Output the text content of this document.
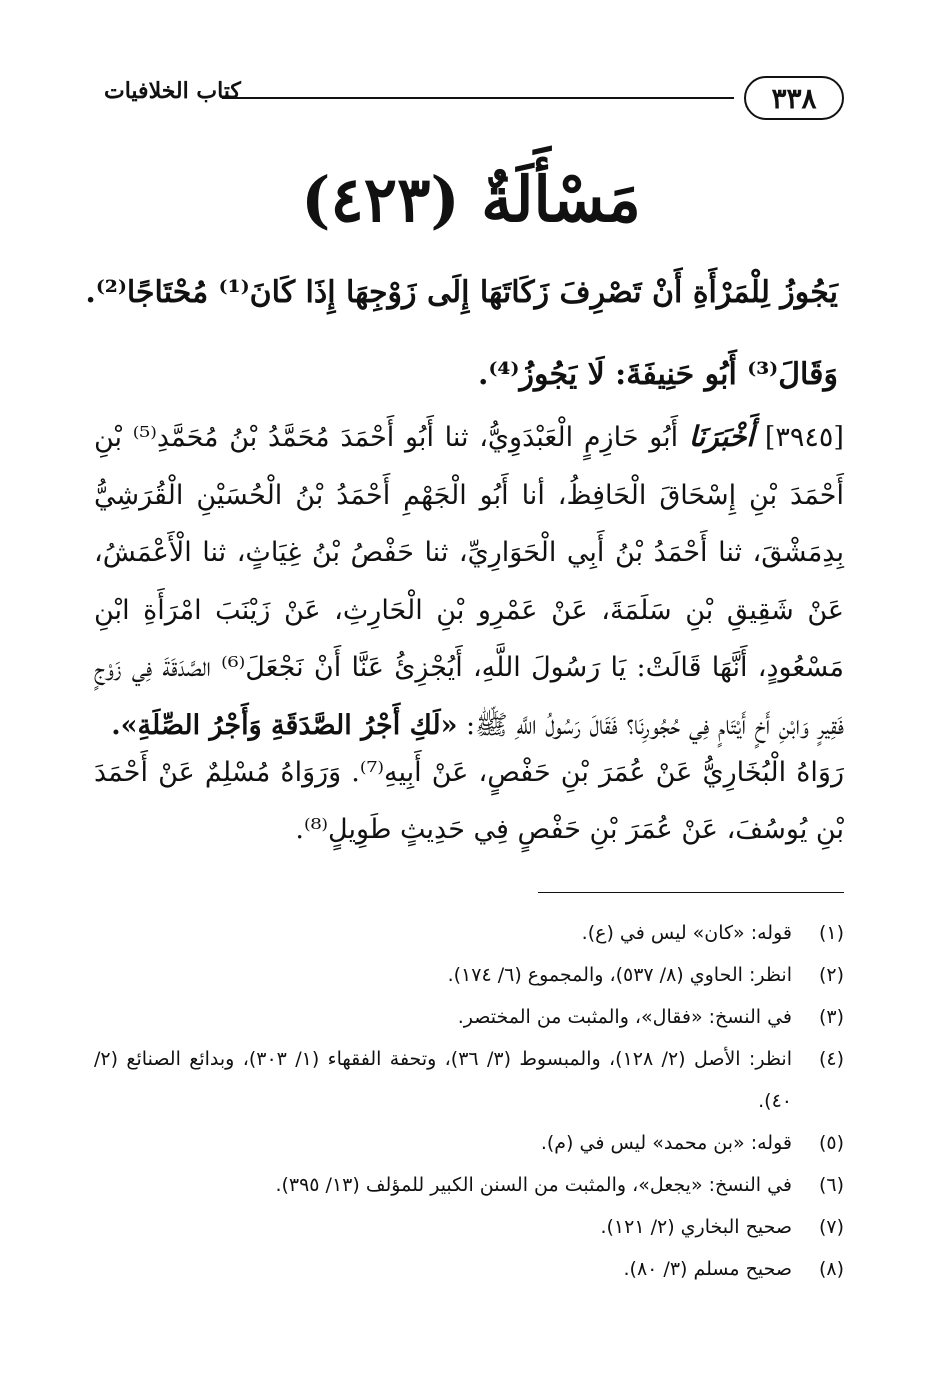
٣٣٨
كتاب الخلافيات
مَسْأَلَةٌ (٤٢٣)
يَجُوزُ لِلْمَرْأَةِ أَنْ تَصْرِفَ زَكَاتَهَا إِلَى زَوْجِهَا إِذَا كَانَ⁽¹⁾ مُحْتَاجًا⁽²⁾.
وَقَالَ⁽³⁾ أَبُو حَنِيفَةَ: لَا يَجُوزُ⁽⁴⁾.
[٣٩٤٥] أَخْبَرَنَا أَبُو حَازِمٍ الْعَبْدَوِيُّ، ثنا أَبُو أَحْمَدَ مُحَمَّدُ بْنُ مُحَمَّدِ⁽⁵⁾ بْنِ أَحْمَدَ بْنِ إِسْحَاقَ الْحَافِظُ، أنا أَبُو الْجَهْمِ أَحْمَدُ بْنُ الْحُسَيْنِ الْقُرَشِيُّ بِدِمَشْقَ، ثنا أَحْمَدُ بْنُ أَبِي الْحَوَارِيِّ، ثنا حَفْصُ بْنُ غِيَاثٍ، ثنا الْأَعْمَشُ، عَنْ شَقِيقِ بْنِ سَلَمَةَ، عَنْ عَمْرِو بْنِ الْحَارِثِ، عَنْ زَيْنَبَ امْرَأَةِ ابْنِ مَسْعُودٍ، أَنَّهَا قَالَتْ: يَا رَسُولَ اللَّهِ، أَيُجْزِئُ عَنَّا أَنْ نَجْعَلَ⁽⁶⁾ الصَّدَقَةَ فِي زَوْجٍ فَقِيرٍ وَابْنِ أَخٍ أَيْتَامٍ فِي حُجُورِنَا؟ فَقَالَ رَسُولُ اللَّهِ ﷺ: «لَكِ أَجْرُ الصَّدَقَةِ وَأَجْرُ الصِّلَةِ».
رَوَاهُ الْبُخَارِيُّ عَنْ عُمَرَ بْنِ حَفْصٍ، عَنْ أَبِيهِ⁽⁷⁾. وَرَوَاهُ مُسْلِمٌ عَنْ أَحْمَدَ بْنِ يُوسُفَ، عَنْ عُمَرَ بْنِ حَفْصٍ فِي حَدِيثٍ طَوِيلٍ⁽⁸⁾.
(١)
قوله: «كان» ليس في (ع).
(٢)
انظر: الحاوي (٨/ ٥٣٧)، والمجموع (٦/ ١٧٤).
(٣)
في النسخ: «فقال»، والمثبت من المختصر.
(٤)
انظر: الأصل (٢/ ١٢٨)، والمبسوط (٣/ ٣٦)، وتحفة الفقهاء (١/ ٣٠٣)، وبدائع الصنائع (٢/ ٤٠).
(٥)
قوله: «بن محمد» ليس في (م).
(٦)
في النسخ: «يجعل»، والمثبت من السنن الكبير للمؤلف (١٣/ ٣٩٥).
(٧)
صحيح البخاري (٢/ ١٢١).
(٨)
صحيح مسلم (٣/ ٨٠).
